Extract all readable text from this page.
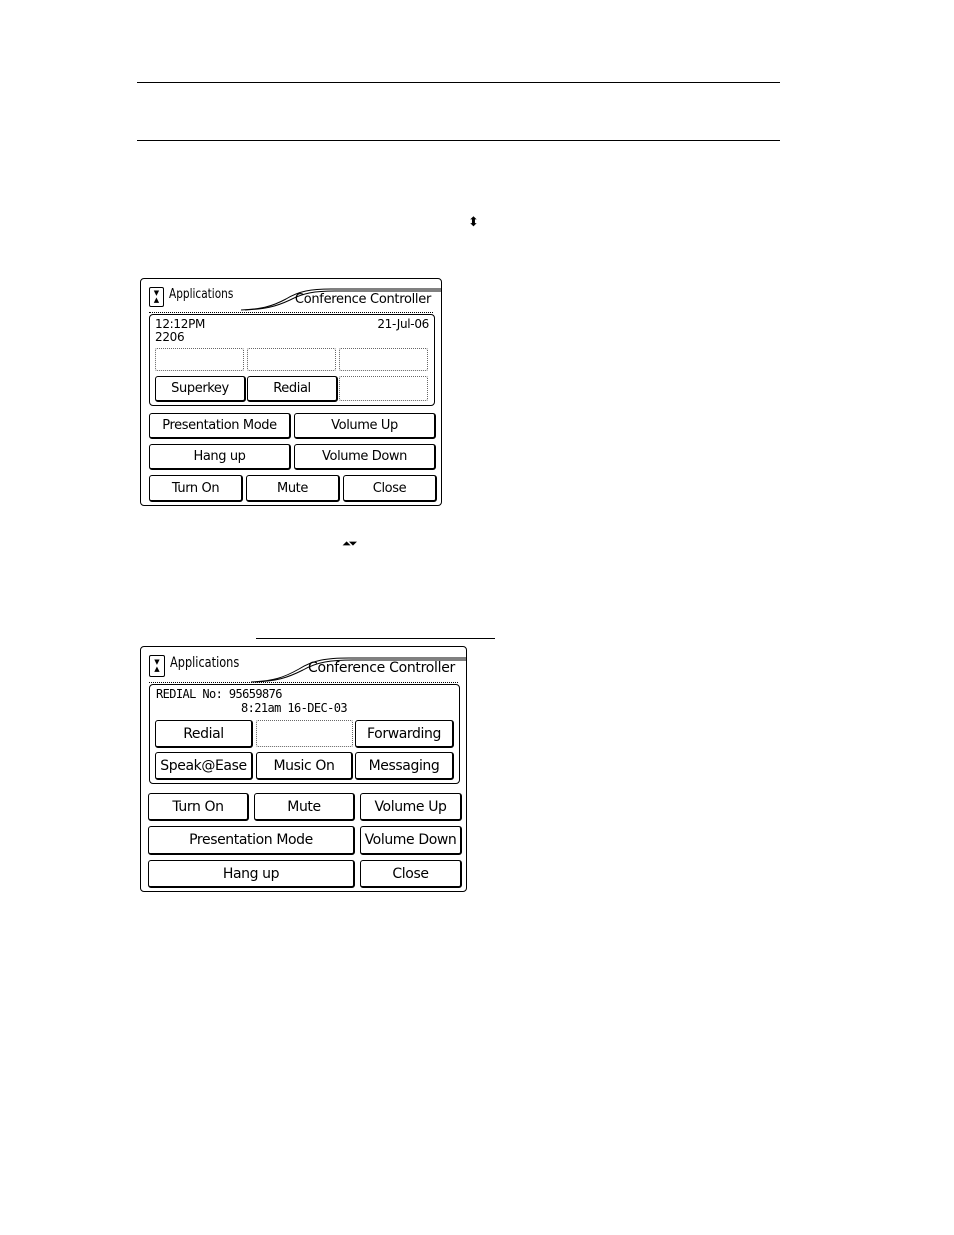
⬍
⏶⏷
▼
▲ Applications	Conference Controller
12:12PM	21-Jul-06
2206
Superkey	Redial
Presentation Mode	Volume Up
Hang up	Volume Down
Turn On	Mute	Close
▼
▲ Applications	Conference Controller
REDIAL No: 95659876
8:21am 16-DEC-03
Redial	Forwarding
Speak@Ease	Music On	Messaging
Turn On	Mute	Volume Up
Presentation Mode	Volume Down
Hang up	Close
